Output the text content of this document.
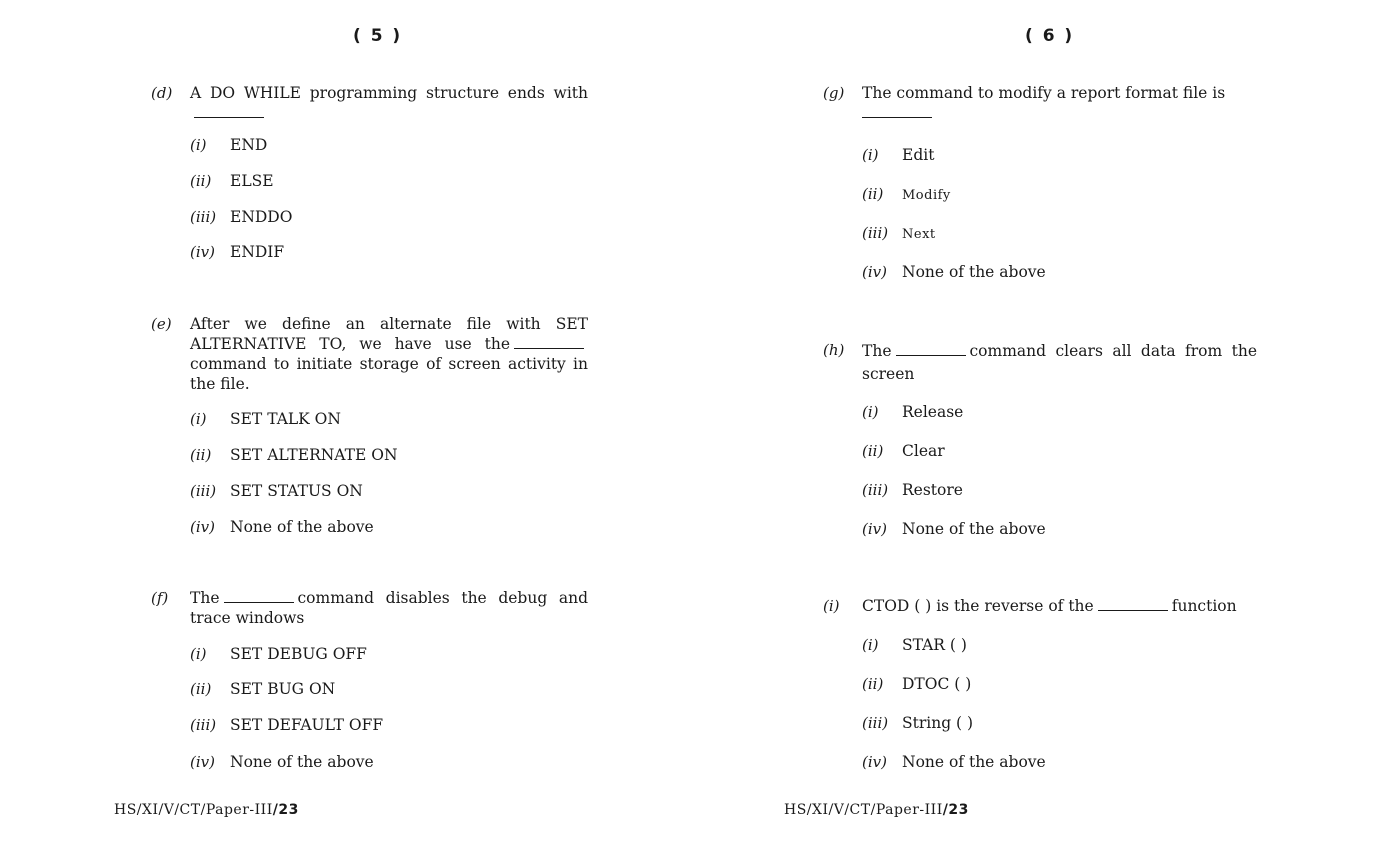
( 5 )
(d) A DO WHILE programming structure ends with
(i) END
(ii) ELSE
(iii) ENDDO
(iv) ENDIF
(e) After we define an alternate file with SET ALTERNATIVE TO, we have use thecommand to initiate storage of screen activity in the file.
(i) SET TALK ON
(ii) SET ALTERNATE ON
(iii) SET STATUS ON
(iv) None of the above
(f) The	command disables the debug and trace windows
(i) SET DEBUG OFF
(ii) SET BUG ON
(iii) SET DEFAULT OFF
(iv) None of the above
HS/XI/V/CT/Paper-III/23
( 6 )
(g) The command to modify a report format file is

(i) Edit
(ii) Modify
(iii) Next
(iv) None of the above
(h) The	command clears all data from the screen
(i) Release
(ii) Clear
(iii) Restore
(iv) None of the above
(i) CTOD ( ) is the reverse of the	function
(i) STAR ( )
(ii) DTOC ( )
(iii) String ( )
(iv) None of the above
HS/XI/V/CT/Paper-III/23
